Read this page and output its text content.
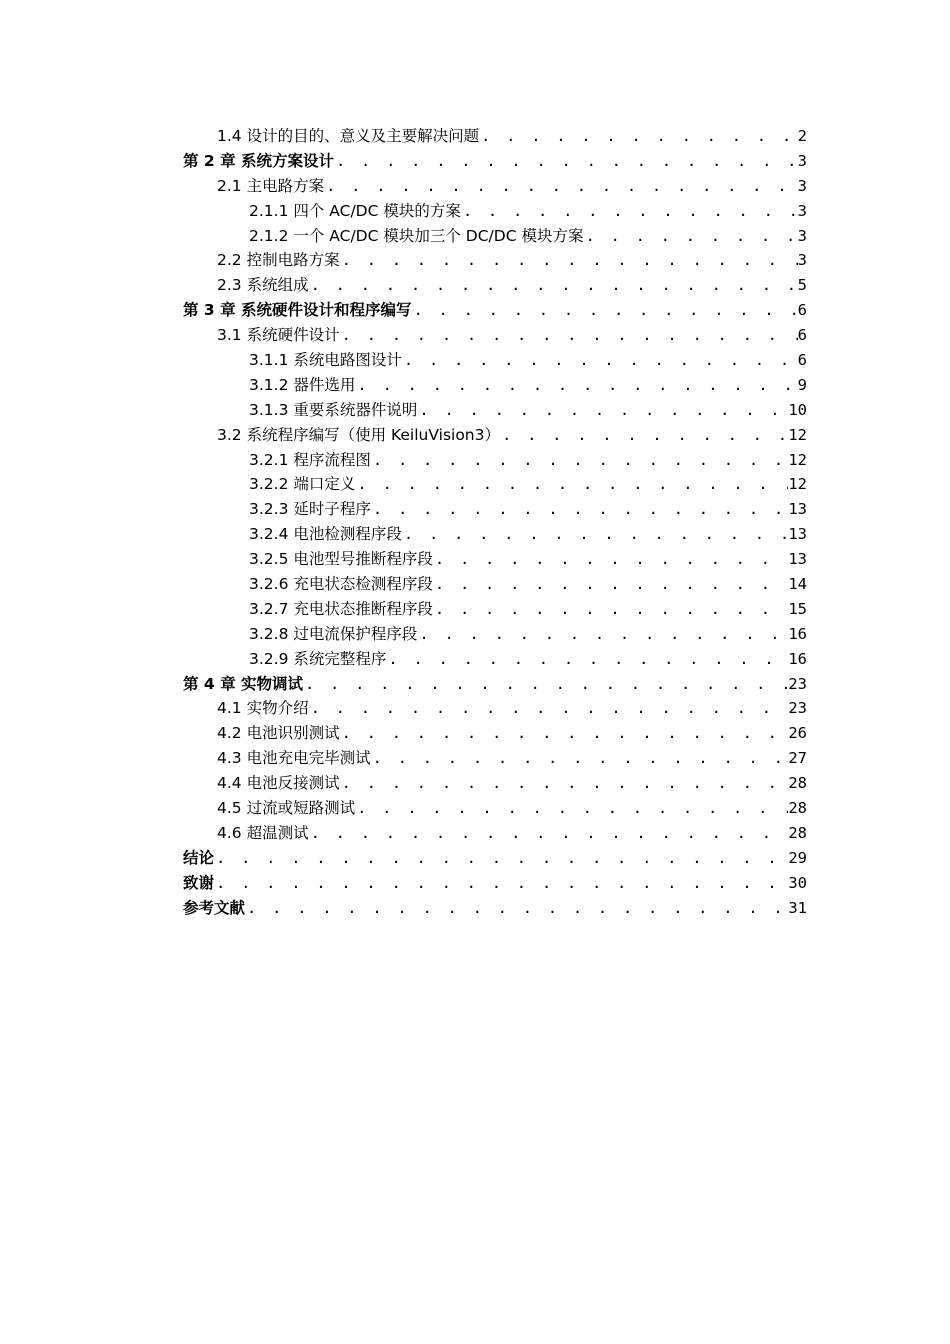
1.4 设计的目的、意义及主要解决问题 . . .	2
第 2 章 系统方案设计 . . .	3
2.1 主电路方案 . . .	3
2.1.1 四个 AC/DC 模块的方案 . . .	3
2.1.2 一个 AC/DC 模块加三个 DC/DC 模块方案 . . .	3
2.2 控制电路方案 . . .	3
2.3 系统组成 . . .	5
第 3 章 系统硬件设计和程序编写 . . .	6
3.1 系统硬件设计 . . .	6
3.1.1 系统电路图设计 . . .	6
3.1.2 器件选用 . . .	9
3.1.3 重要系统器件说明 . . .	10
3.2 系统程序编写（使用 KeiluVision3） . . .	12
3.2.1 程序流程图 . . .	12
3.2.2 端口定义 . . .	12
3.2.3 延时子程序 . . .	13
3.2.4 电池检测程序段 . . .	13
3.2.5 电池型号推断程序段 . . .	13
3.2.6 充电状态检测程序段 . . .	14
3.2.7 充电状态推断程序段 . . .	15
3.2.8 过电流保护程序段 . . .	16
3.2.9 系统完整程序 . . .	16
第 4 章 实物调试 . . .	23
4.1 实物介绍 . . .	23
4.2 电池识别测试 . . .	26
4.3 电池充电完毕测试 . . .	27
4.4 电池反接测试 . . .	28
4.5 过流或短路测试 . . .	28
4.6 超温测试 . . .	28
结论 . . .	29
致谢 . . .	30
参考文献 . . .	31
